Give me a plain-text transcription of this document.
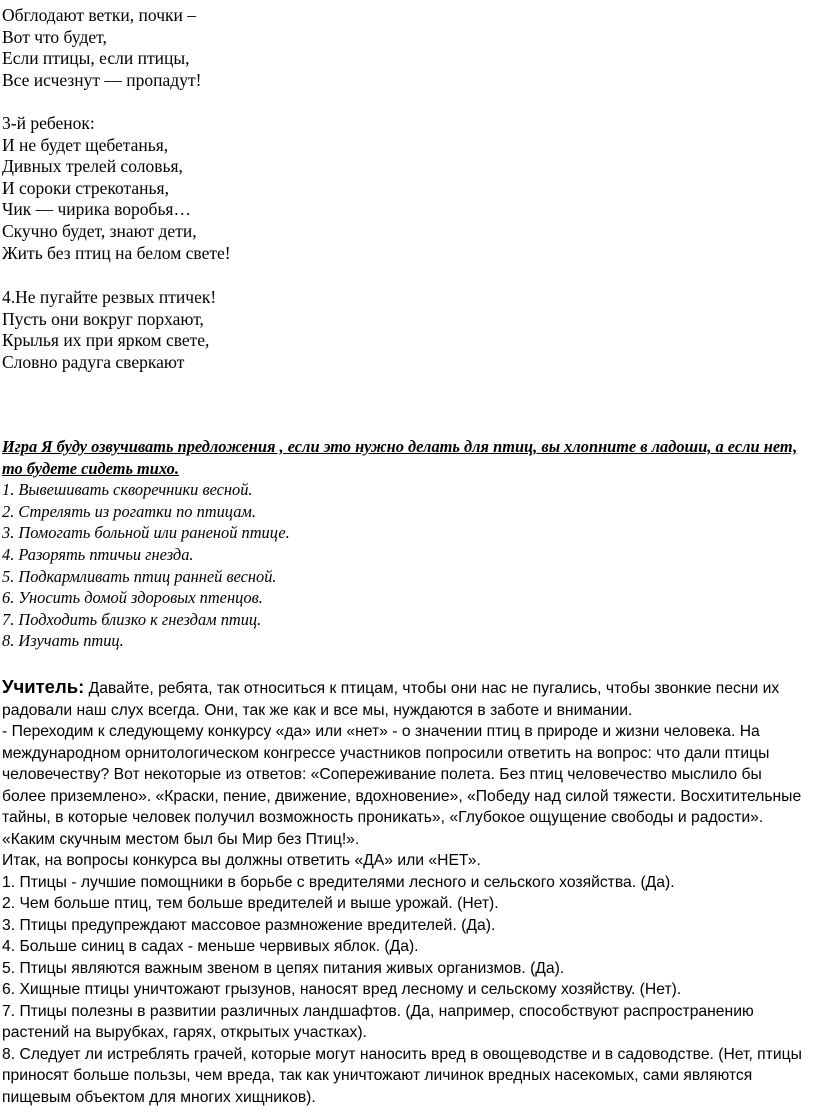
Обглодают ветки, почки –
Вот что будет,
Если птицы, если птицы,
Все исчезнут — пропадут!
3-й ребенок:
И не будет щебетанья,
Дивных трелей соловья,
И сороки стрекотанья,
Чик — чирика воробья…
Скучно будет, знают дети,
Жить без птиц на белом свете!
4.Не пугайте резвых птичек!
Пусть они вокруг порхают,
Крылья их при ярком свете,
Словно радуга сверкают
Игра Я буду озвучивать предложения , если это нужно делать для птиц, вы хлопните в ладоши, а если нет, то будете сидеть тихо.
1. Вывешивать скворечники весной.
2. Стрелять из рогатки по птицам.
3. Помогать больной или раненой птице.
4. Разорять птичьи гнезда.
5. Подкармливать птиц ранней весной.
6. Уносить домой здоровых птенцов.
7. Подходить близко к гнездам птиц.
8. Изучать птиц.
Учитель: Давайте, ребята, так относиться к птицам, чтобы они нас не пугались, чтобы звонкие песни их радовали наш слух всегда. Они, так же как и все мы, нуждаются в заботе и внимании.
- Переходим к следующему конкурсу «да» или «нет» - о значении птиц в природе и жизни человека. На международном орнитологическом конгрессе участников попросили ответить на вопрос: что дали птицы человечеству? Вот некоторые из ответов: «Сопереживание полета. Без птиц человечество мыслило бы более приземлено». «Краски, пение, движение, вдохновение», «Победу над силой тяжести. Восхитительные тайны, в которые человек получил возможность проникать», «Глубокое ощущение свободы и радости». «Каким скучным местом был бы Мир без Птиц!».
Итак, на вопросы конкурса вы должны ответить «ДА» или «НЕТ».
1. Птицы - лучшие помощники в борьбе с вредителями лесного и сельского хозяйства. (Да).
2. Чем больше птиц, тем больше вредителей и выше урожай. (Нет).
3. Птицы предупреждают массовое размножение вредителей. (Да).
4. Больше синиц в садах - меньше червивых яблок. (Да).
5. Птицы являются важным звеном в цепях питания живых организмов. (Да).
6. Хищные птицы уничтожают грызунов, наносят вред лесному и сельскому хозяйству. (Нет).
7. Птицы полезны в развитии различных ландшафтов. (Да, например, способствуют распространению растений на вырубках, гарях, открытых участках).
8. Следует ли истреблять грачей, которые могут наносить вред в овощеводстве и в садоводстве. (Нет, птицы приносят больше пользы, чем вреда, так как уничтожают личинок вредных насекомых, сами являются пищевым объектом для многих хищников).
